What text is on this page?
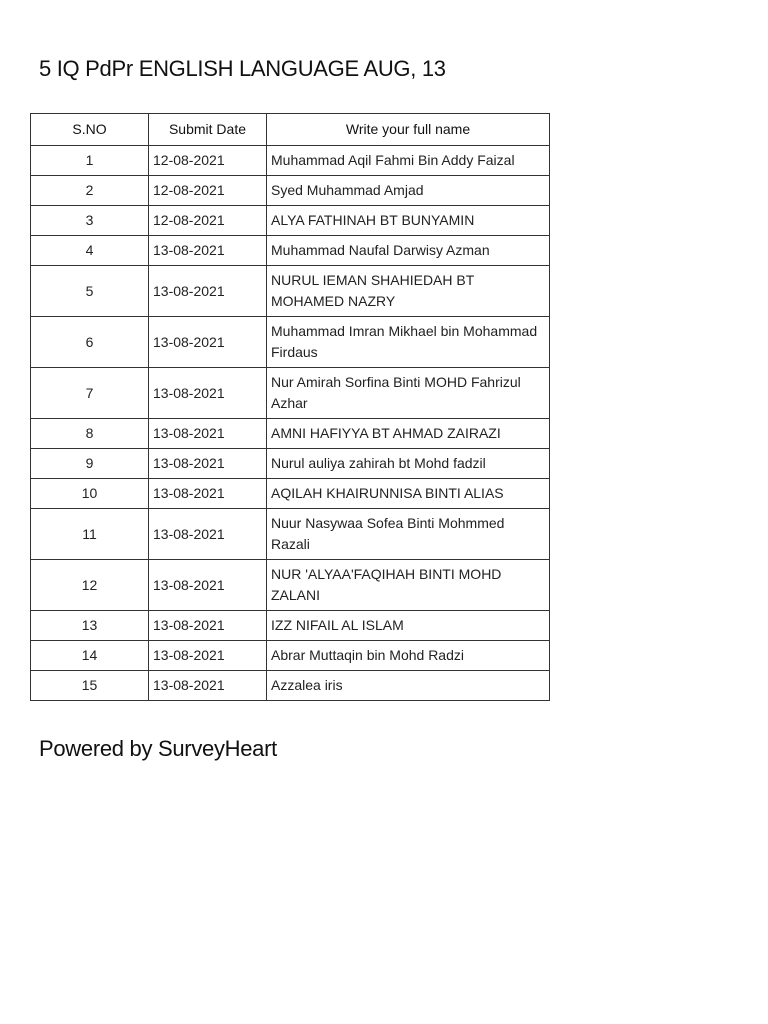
5 IQ PdPr ENGLISH LANGUAGE AUG, 13
S.NO	Submit Date	Write your full name
1	12-08-2021	Muhammad Aqil Fahmi Bin Addy Faizal
2	12-08-2021	Syed Muhammad Amjad
3	12-08-2021	ALYA FATHINAH BT BUNYAMIN
4	13-08-2021	Muhammad Naufal Darwisy Azman
5	13-08-2021	NURUL IEMAN SHAHIEDAH BT MOHAMED NAZRY
6	13-08-2021	Muhammad Imran Mikhael bin Mohammad Firdaus
7	13-08-2021	Nur Amirah Sorfina Binti MOHD Fahrizul Azhar
8	13-08-2021	AMNI HAFIYYA BT AHMAD ZAIRAZI
9	13-08-2021	Nurul auliya zahirah bt Mohd fadzil
10	13-08-2021	AQILAH KHAIRUNNISA BINTI ALIAS
11	13-08-2021	Nuur Nasywaa Sofea Binti Mohmmed Razali
12	13-08-2021	NUR 'ALYAA'FAQIHAH BINTI MOHD ZALANI
13	13-08-2021	IZZ NIFAIL AL ISLAM
14	13-08-2021	Abrar Muttaqin bin Mohd Radzi
15	13-08-2021	Azzalea iris
Powered by SurveyHeart
